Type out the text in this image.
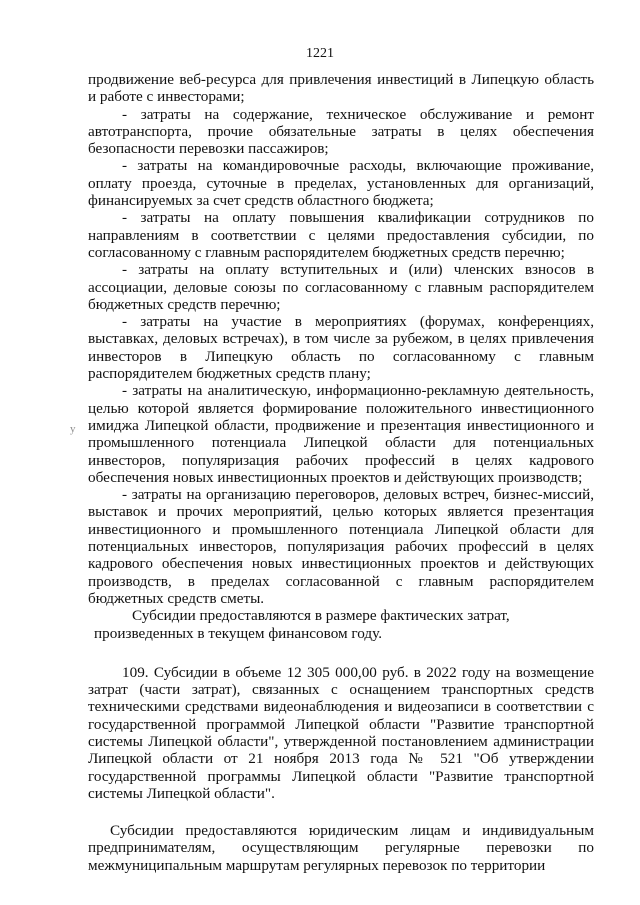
1221
у

продвижение веб-ресурса для привлечения инвестиций в Липецкую область и работе с инвесторами;

- затраты на содержание, техническое обслуживание и ремонт автотранспорта, прочие обязательные затраты в целях обеспечения безопасности перевозки пассажиров;

- затраты на командировочные расходы, включающие проживание, оплату проезда, суточные в пределах, установленных для организаций, финансируемых за счет средств областного бюджета;

- затраты на оплату повышения квалификации сотрудников по направлениям в соответствии с целями предоставления субсидии, по согласованному с главным распорядителем бюджетных средств перечню;

- затраты на оплату вступительных и (или) членских взносов в ассоциации, деловые союзы по согласованному с главным распорядителем бюджетных средств перечню;

- затраты на участие в мероприятиях (форумах, конференциях, выставках, деловых встречах), в том числе за рубежом, в целях привлечения инвесторов в Липецкую область по согласованному с главным распорядителем бюджетных средств плану;

- затраты на аналитическую, информационно-рекламную деятельность, целью которой является формирование положительного инвестиционного имиджа Липецкой области, продвижение и презентация инвестиционного и промышленного потенциала Липецкой области для потенциальных инвесторов, популяризация рабочих профессий в целях кадрового обеспечения новых инвестиционных проектов и действующих производств;

- затраты на организацию переговоров, деловых встреч, бизнес-миссий, выставок и прочих мероприятий, целью которых является презентация инвестиционного и промышленного потенциала Липецкой области для потенциальных инвесторов, популяризация рабочих профессий в целях кадрового обеспечения новых инвестиционных проектов и действующих производств, в пределах согласованной с главным распорядителем бюджетных средств сметы.

Субсидии предоставляются в размере фактических затрат,

произведенных в текущем финансовом году.

109. Субсидии в объеме 12 305 000,00 руб. в 2022 году на возмещение затрат (части затрат), связанных с оснащением транспортных средств техническими средствами видеонаблюдения и видеозаписи в соответствии с государственной программой Липецкой области "Развитие транспортной системы Липецкой области", утвержденной постановлением администрации Липецкой области от 21 ноября 2013 года № 521 "Об утверждении государственной программы Липецкой области "Развитие транспортной системы Липецкой области".

Субсидии предоставляются юридическим лицам и индивидуальным предпринимателям, осуществляющим регулярные перевозки по межмуниципальным маршрутам регулярных перевозок по территории
